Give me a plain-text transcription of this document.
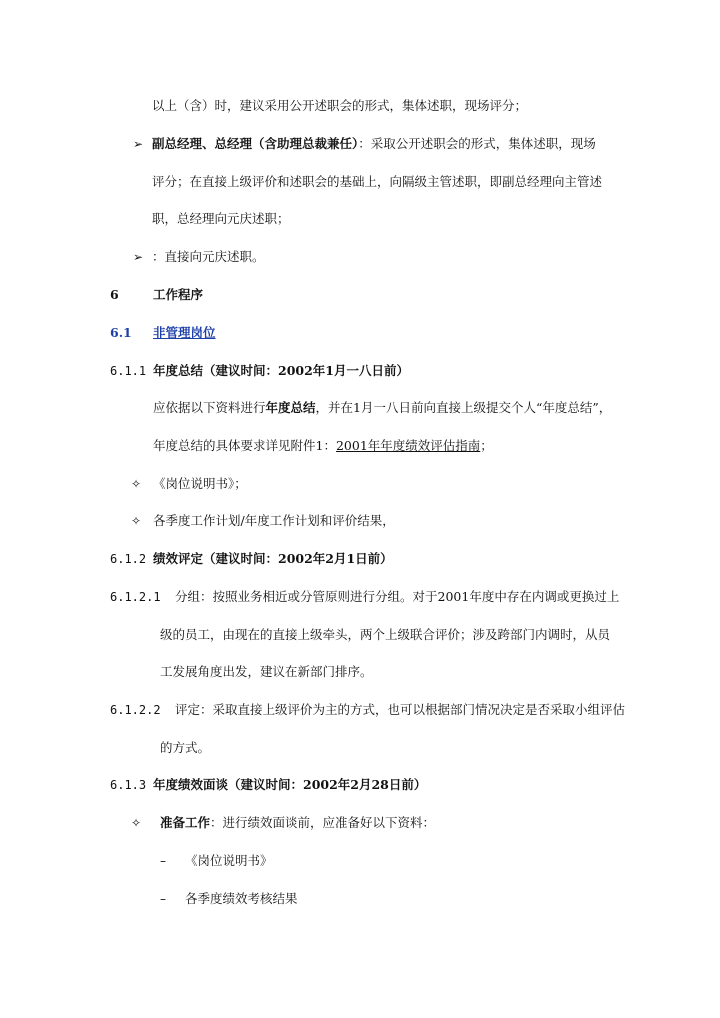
以上（含）时，建议采用公开述职会的形式，集体述职，现场评分；
➢ 副总经理、总经理（含助理总裁兼任）：采取公开述职会的形式，集体述职，现场
评分；在直接上级评价和述职会的基础上，向隔级主管述职，即副总经理向主管述
职，总经理向元庆述职；
➢ ：直接向元庆述职。
6	工作程序
6.1 非管理岗位
6.1.1 年度总结（建议时间：2002年1月一八日前）
应依据以下资料进行年度总结，并在1月一八日前向直接上级提交个人“年度总结”，
年度总结的具体要求详见附件1：2001年年度绩效评估指南；
✧ 《岗位说明书》；
✧ 各季度工作计划/年度工作计划和评价结果，
6.1.2 绩效评定（建议时间：2002年2月1日前）
6.1.2.1 分组：按照业务相近或分管原则进行分组。对于2001年度中存在内调或更换过上
级的员工，由现在的直接上级牵头，两个上级联合评价；涉及跨部门内调时，从员
工发展角度出发，建议在新部门排序。
6.1.2.2 评定：采取直接上级评价为主的方式，也可以根据部门情况决定是否采取小组评估
的方式。
6.1.3 年度绩效面谈（建议时间：2002年2月28日前）
✧ 准备工作：进行绩效面谈前，应准备好以下资料：
– 《岗位说明书》
– 各季度绩效考核结果
